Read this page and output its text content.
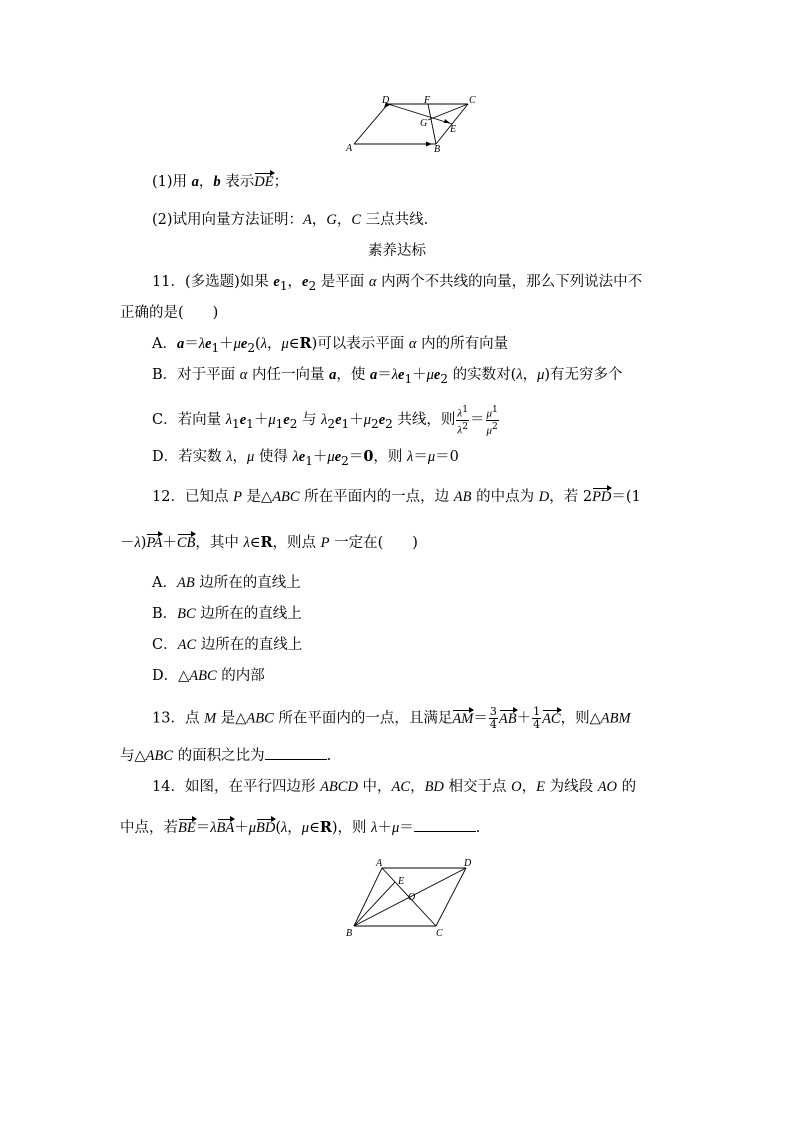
D	F	C
G
E
A	B
(1)用 a，b 表示DE；
(2)试用向量方法证明：A，G，C 三点共线.
素养达标
11．(多选题)如果 $e_1$，$e_2$ 是平面 α 内两个不共线的向量，那么下列说法中不
正确的是(　　)
A．$a=\lambda e_1+\mu e_2(\lambda$，μ∈R)可以表示平面 α 内的所有向量
B．对于平面 α 内任一向量 a，使 $a=\lambda e_1+\mu e_2$ 的实数对(λ，μ)有无穷多个
C．若向量 $\lambda_1e_1+\mu_1e_2$ 与 $\lambda_2e_1+\mu_2e_2$ 共线，则 $\frac{\lambda^1}{\lambda^2} = \frac{\mu^1}{\mu^2}$
D．若实数 λ，μ 使得 $\lambda e_1+\mu e_2=0$，则 λ＝μ＝0
12．已知点 P 是△ABC 所在平面内的一点，边 AB 的中点为 D，若 2PD＝(1
－λ)PA＋CB，其中 λ∈R，则点 P 一定在(　　)
A．AB 边所在的直线上
B．BC 边所在的直线上
C．AC 边所在的直线上
D．△ABC 的内部
13．点 M 是△ABC 所在平面内的一点，且满足$AM= \frac{3}{4} AB+ \frac{1}{4}$ AC，则△ABM
与△ABC 的面积之比为	.
14．如图，在平行四边形 ABCD 中，AC，BD 相交于点 O，E 为线段 AO 的
中点，若BE＝λBA＋μBD(λ，μ∈R)，则 λ＋μ＝	.
A	D
E
O
B	C
